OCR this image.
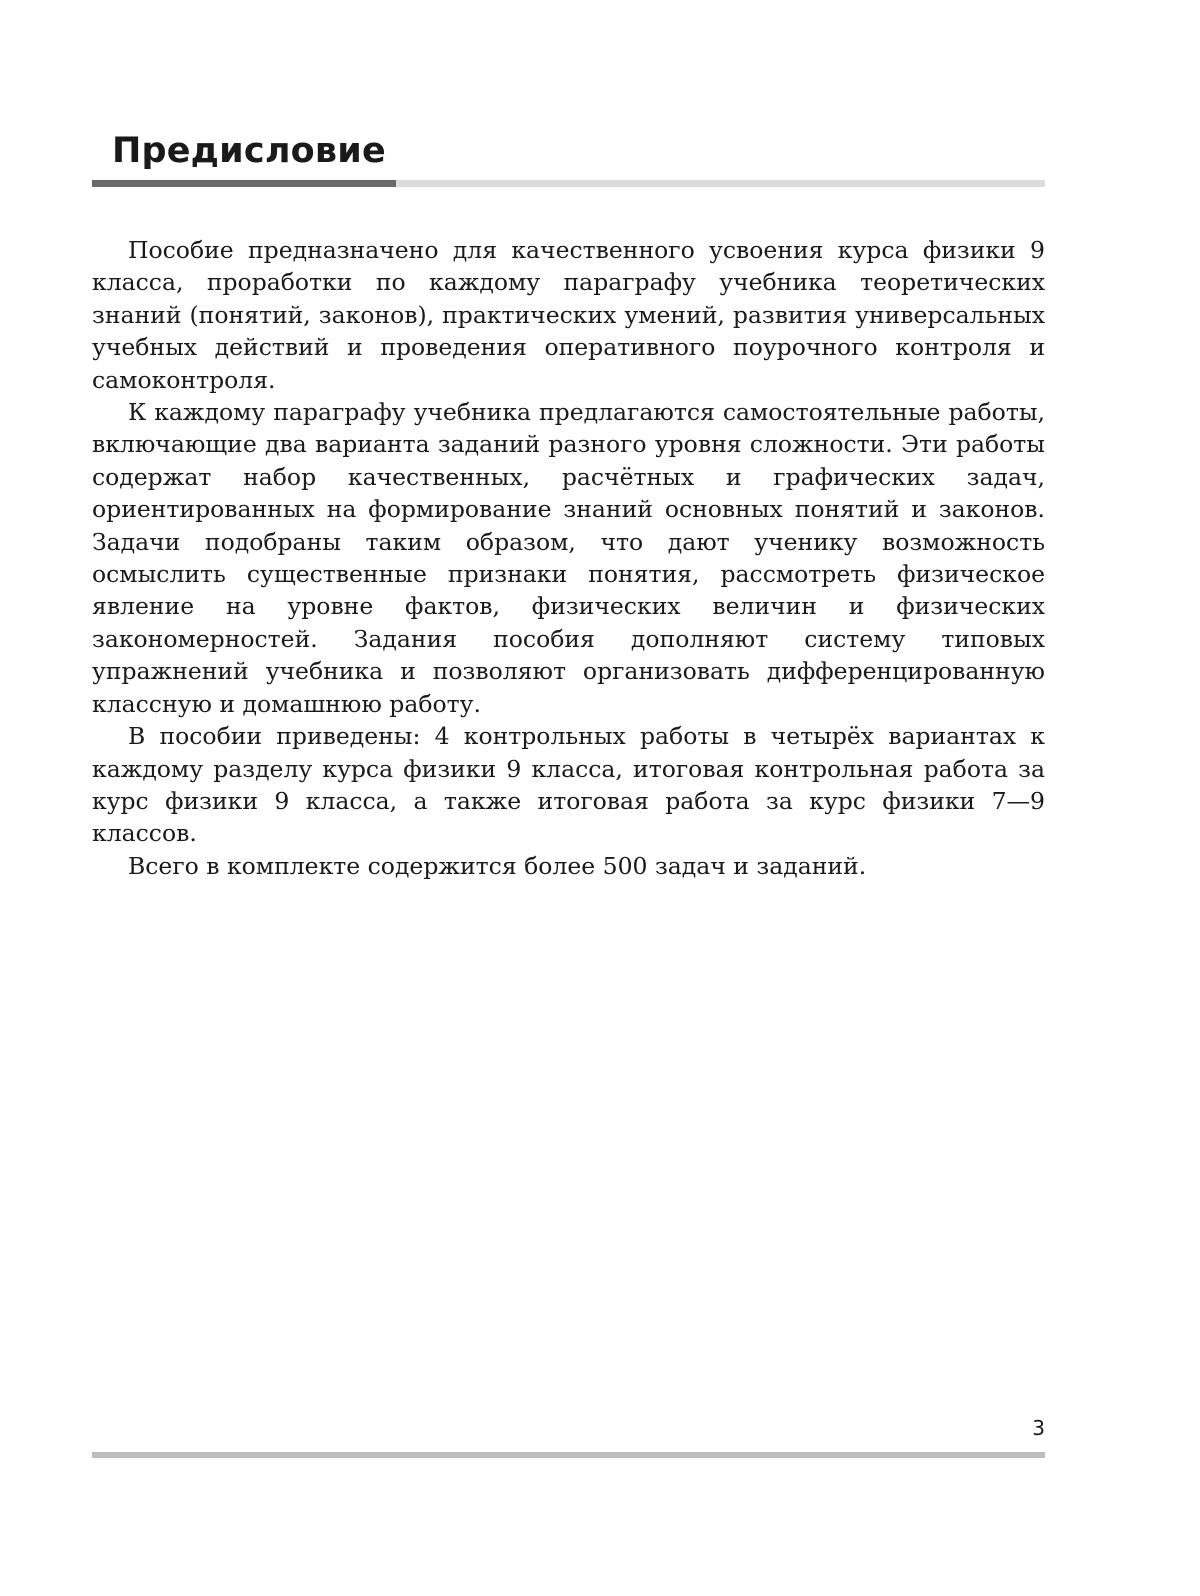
Предисловие

Пособие предназначено для качественного усвоения курса физики 9 класса, проработки по каждому параграфу учебника теоретических знаний (понятий, законов), практических умений, развития универсальных учебных действий и проведения оперативного поурочного контроля и самоконтроля.

К каждому параграфу учебника предлагаются самостоятельные работы, включающие два варианта заданий разного уровня сложности. Эти работы содержат набор качественных, расчётных и графических задач, ориентированных на формирование знаний основных понятий и законов. Задачи подобраны таким образом, что дают ученику возможность осмыслить существенные признаки понятия, рассмотреть физическое явление на уровне фактов, физических величин и физических закономерностей. Задания пособия дополняют систему типовых упражнений учебника и позволяют организовать дифференцированную классную и домашнюю работу.

В пособии приведены: 4 контрольных работы в четырёх вариантах к каждому разделу курса физики 9 класса, итоговая контрольная работа за курс физики 9 класса, а также итоговая работа за курс физики 7—9 классов.

Всего в комплекте содержится более 500 задач и заданий.

3
